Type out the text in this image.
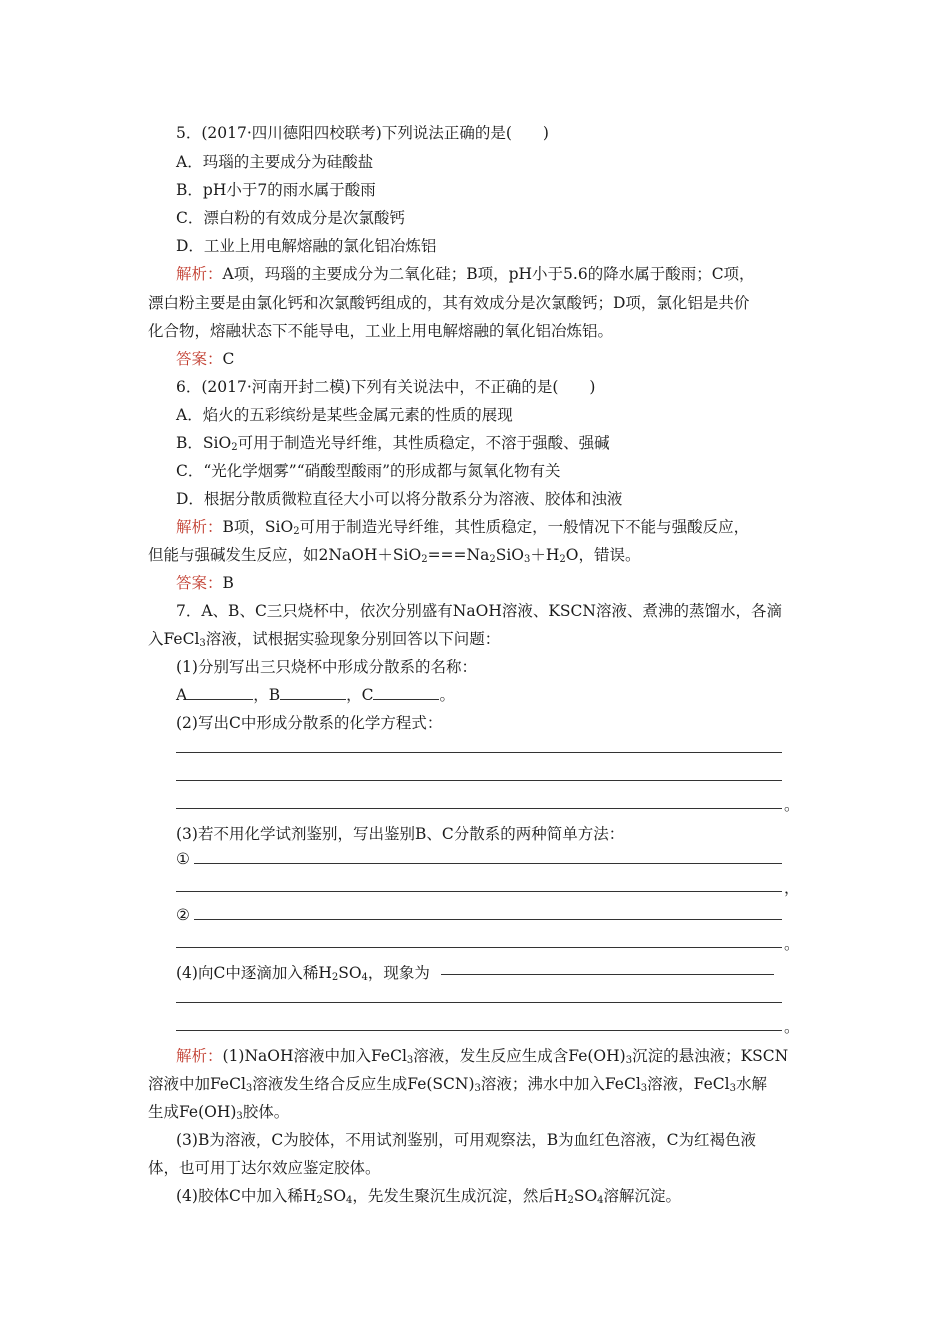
5．(2017·四川德阳四校联考)下列说法正确的是(　　)
A．玛瑙的主要成分为硅酸盐
B．pH小于7的雨水属于酸雨
C．漂白粉的有效成分是次氯酸钙
D．工业上用电解熔融的氯化铝冶炼铝
解析：A项，玛瑙的主要成分为二氧化硅；B项，pH小于5.6的降水属于酸雨；C项，
漂白粉主要是由氯化钙和次氯酸钙组成的，其有效成分是次氯酸钙；D项，氯化铝是共价
化合物，熔融状态下不能导电，工业上用电解熔融的氧化铝冶炼铝。
答案：C
6．(2017·河南开封二模)下列有关说法中，不正确的是(　　)
A．焰火的五彩缤纷是某些金属元素的性质的展现
B．SiO$_2$可用于制造光导纤维，其性质稳定，不溶于强酸、强碱
C．“光化学烟雾”“硝酸型酸雨”的形成都与氮氧化物有关
D．根据分散质微粒直径大小可以将分散系分为溶液、胶体和浊液
解析：B项，SiO$_2$可用于制造光导纤维，其性质稳定，一般情况下不能与强酸反应，
但能与强碱发生反应，如$2NaOH+SiO_2===Na_2SiO_3+H_2O$，错误。
答案：B
7．A、B、C三只烧杯中，依次分别盛有NaOH溶液、KSCN溶液、煮沸的蒸馏水，各滴
入FeCl$_3$溶液，试根据实验现象分别回答以下问题：
(1)分别写出三只烧杯中形成分散系的名称：
A	，B	，C	。
(2)写出C中形成分散系的化学方程式：
。
(3)若不用化学试剂鉴别，写出鉴别B、C分散系的两种简单方法：
①
，
②
。
(4)向C中逐滴加入稀$H_2SO_4$，现象为
。
解析：(1)NaOH溶液中加入FeCl$_3$溶液，发生反应生成含$Fe(OH)_3$沉淀的悬浊液；KSCN
溶液中加FeCl$_3$溶液发生络合反应生成$Fe(SCN)_3$溶液；沸水中加入FeCl$_3$溶液，FeCl$_3$水解
生成$Fe(OH)_3$胶体。
(3)B为溶液，C为胶体，不用试剂鉴别，可用观察法，B为血红色溶液，C为红褐色液
体，也可用丁达尔效应鉴定胶体。
(4)胶体C中加入稀$H_2SO_4$，先发生聚沉生成沉淀，然后$H_2SO_4$溶解沉淀。
